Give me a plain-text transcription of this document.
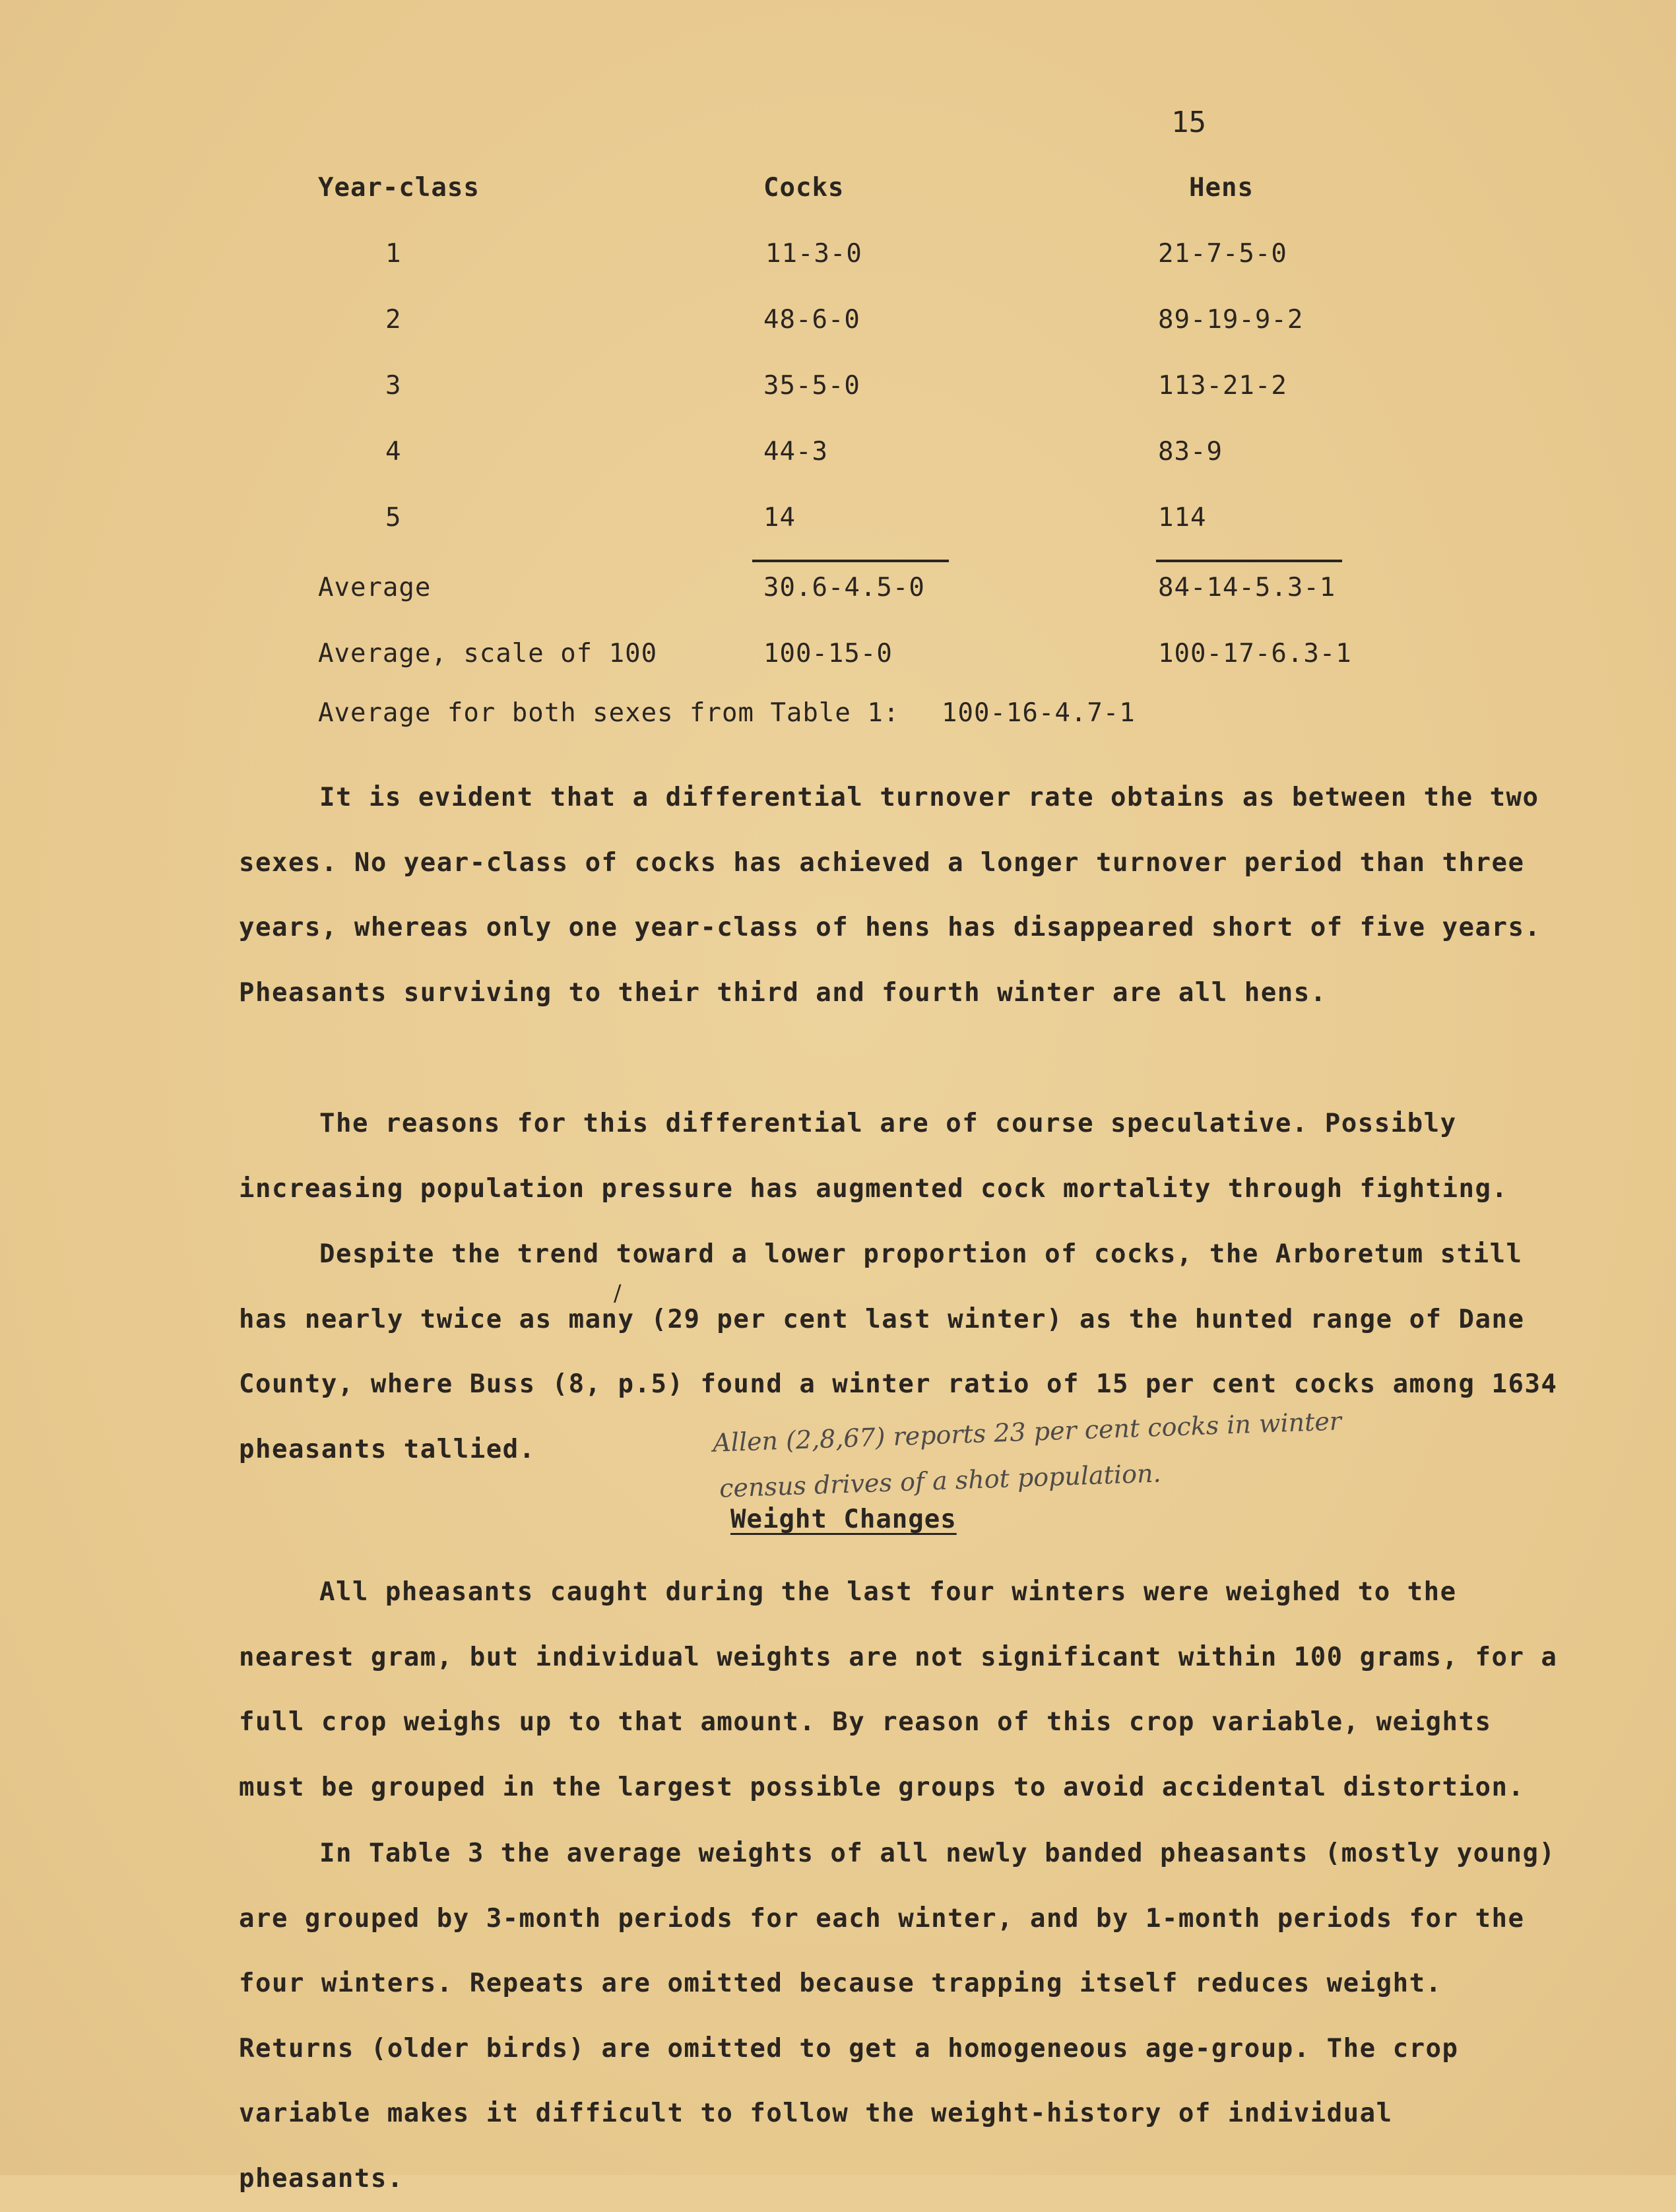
15
Year-class	Cocks	Hens
1	11-3-0	21-7-5-0
2	48-6-0	89-19-9-2
3	35-5-0	113-21-2
4	44-3	83-9
5	14	114
Average	30.6-4.5-0	84-14-5.3-1
Average, scale of 100	100-15-0	100-17-6.3-1
Average for both sexes from Table 1: 100-16-4.7-1
It is evident that a differential turnover rate obtains as between the two sexes. No year-class of cocks has achieved a longer turnover period than three years, whereas only one year-class of hens has disappeared short of five years. Pheasants surviving to their third and fourth winter are all hens.
The reasons for this differential are of course speculative. Possibly increasing population pressure has augmented cock mortality through fighting.
Despite the trend toward a lower proportion of cocks, the Arboretum still has nearly twice as many (29 per cent last winter) as the hunted range of Dane County, where Buss (8, p.5) found a winter ratio of 15 per cent cocks among 1634 pheasants tallied.
/
Allen (2,8,67) reports 23 per cent cocks in winter
census drives of a shot population.
Weight Changes
All pheasants caught during the last four winters were weighed to the nearest gram, but individual weights are not significant within 100 grams, for a full crop weighs up to that amount. By reason of this crop variable, weights must be grouped in the largest possible groups to avoid accidental distortion.
In Table 3 the average weights of all newly banded pheasants (mostly young) are grouped by 3-month periods for each winter, and by 1-month periods for the four winters. Repeats are omitted because trapping itself reduces weight. Returns (older birds) are omitted to get a homogeneous age-group. The crop variable makes it difficult to follow the weight-history of individual pheasants.
